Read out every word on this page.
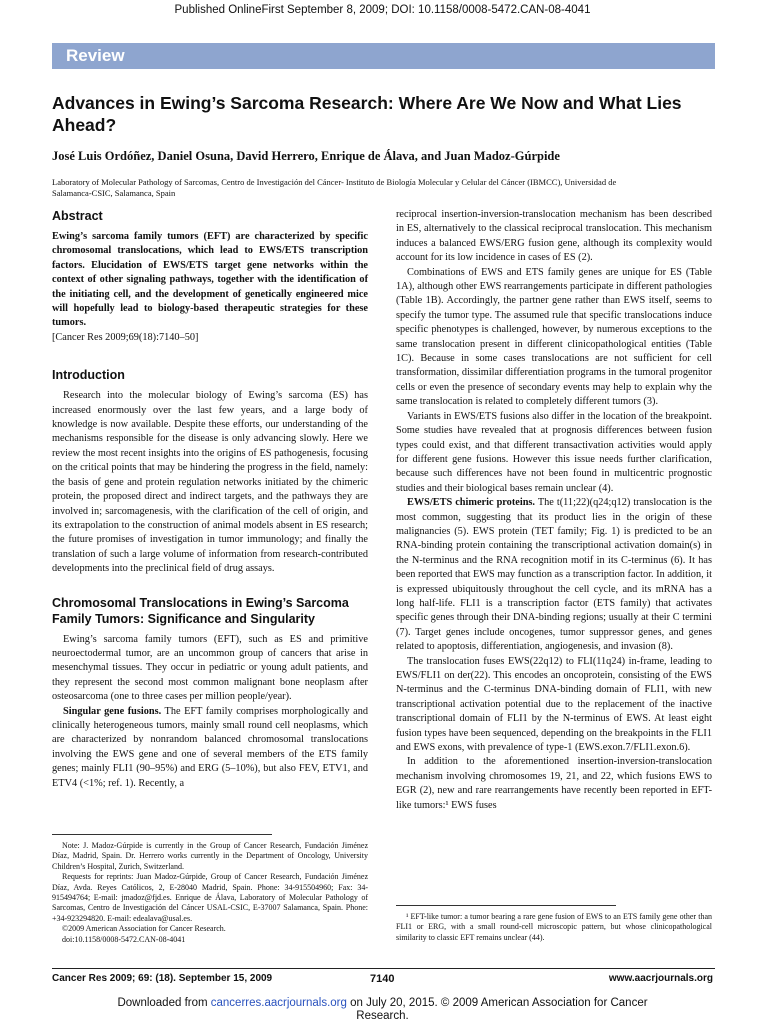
Published OnlineFirst September 8, 2009; DOI: 10.1158/0008-5472.CAN-08-4041
Review
Advances in Ewing’s Sarcoma Research: Where Are We Now and What Lies Ahead?
José Luis Ordóñez, Daniel Osuna, David Herrero, Enrique de Álava, and Juan Madoz-Gúrpide
Laboratory of Molecular Pathology of Sarcomas, Centro de Investigación del Cáncer- Instituto de Biología Molecular y Celular del Cáncer (IBMCC), Universidad de Salamanca-CSIC, Salamanca, Spain
Abstract

Ewing’s sarcoma family tumors (EFT) are characterized by specific chromosomal translocations, which lead to EWS/ETS transcription factors. Elucidation of EWS/ETS target gene networks within the context of other signaling pathways, together with the identification of the initiating cell, and the development of genetically engineered mice will hopefully lead to biology-based therapeutic strategies for these tumors.

[Cancer Res 2009;69(18):7140–50]

Introduction

Research into the molecular biology of Ewing’s sarcoma (ES) has increased enormously over the last few years, and a large body of knowledge is now available. Despite these efforts, our understanding of the mechanisms responsible for the disease is only advancing slowly. Here we review the most recent insights into the origins of ES pathogenesis, focusing on the critical points that may be hindering the progress in the field, namely: the basis of gene and protein regulation networks initiated by the chimeric protein, the proposed direct and indirect targets, and the pathways they are involved in; sarcomagenesis, with the clarification of the cell of origin, and its extrapolation to the construction of animal models absent in ES research; the future promises of investigation in tumor immunology; and finally the translation of such a large volume of information from research-contributed developments into the preclinical field of drug assays.

Chromosomal Translocations in Ewing’s Sarcoma Family Tumors: Significance and Singularity

Ewing’s sarcoma family tumors (EFT), such as ES and primitive neuroectodermal tumor, are an uncommon group of cancers that arise in mesenchymal tissues. They occur in pediatric or young adult patients, and they represent the second most common malignant bone neoplasm after osteosarcoma (one to three cases per million people/year).

Singular gene fusions. The EFT family comprises morphologically and clinically heterogeneous tumors, mainly small round cell neoplasms, which are characterized by nonrandom balanced chromosomal translocations involving the EWS gene and one of several members of the ETS family genes; mainly FLI1 (90–95%) and ERG (5–10%), but also FEV, ETV1, and ETV4 (<1%; ref. 1). Recently, a

Note: J. Madoz-Gúrpide is currently in the Group of Cancer Research, Fundación Jiménez Díaz, Madrid, Spain. Dr. Herrero works currently in the Department of Oncology, University Children’s Hospital, Zurich, Switzerland.

Requests for reprints: Juan Madoz-Gúrpide, Group of Cancer Research, Fundación Jiménez Díaz, Avda. Reyes Católicos, 2, E-28040 Madrid, Spain. Phone: 34-915504960; Fax: 34-915494764; E-mail: jmadoz@fjd.es. Enrique de Álava, Laboratory of Molecular Pathology of Sarcomas, Centro de Investigación del Cáncer USAL-CSIC, E-37007 Salamanca, Spain. Phone: +34-923294820. E-mail: edealava@usal.es.

©2009 American Association for Cancer Research.

doi:10.1158/0008-5472.CAN-08-4041

reciprocal insertion-inversion-translocation mechanism has been described in ES, alternatively to the classical reciprocal translocation. This mechanism induces a balanced EWS/ERG fusion gene, although its complexity would account for its low incidence in cases of ES (2).

Combinations of EWS and ETS family genes are unique for ES (Table 1A), although other EWS rearrangements participate in different pathologies (Table 1B). Accordingly, the partner gene rather than EWS itself, seems to specify the tumor type. The assumed rule that specific translocations induce specific phenotypes is challenged, however, by numerous exceptions to the same translocation present in different clinicopathological entities (Table 1C). Because in some cases translocations are not sufficient for cell transformation, dissimilar differentiation programs in the tumoral progenitor cells or even the presence of secondary events may help to explain why the same translocation is related to completely different tumors (3).

Variants in EWS/ETS fusions also differ in the location of the breakpoint. Some studies have revealed that at prognosis differences between fusion types could exist, and that different transactivation activities would apply for different gene fusions. However this issue needs further clarification, because such differences have not been found in multicentric prognostic studies and their biological bases remain unclear (4).

EWS/ETS chimeric proteins. The t(11;22)(q24;q12) translocation is the most common, suggesting that its product lies in the origin of these malignancies (5). EWS protein (TET family; Fig. 1) is predicted to be an RNA-binding protein containing the transcriptional activation domain(s) in the N-terminus and the RNA recognition motif in its C-terminus (6). It has been reported that EWS may function as a transcription factor. In addition, it is expressed ubiquitously throughout the cell cycle, and its mRNA has a long half-life. FLI1 is a transcription factor (ETS family) that activates specific genes through their DNA-binding regions; usually at their C termini (7). Target genes include oncogenes, tumor suppressor genes, and genes related to apoptosis, differentiation, angiogenesis, and invasion (8).

The translocation fuses EWS(22q12) to FLI(11q24) in-frame, leading to EWS/FLI1 on der(22). This encodes an oncoprotein, consisting of the EWS N-terminus and the C-terminus DNA-binding domain of FLI1, with new transcriptional activation potential due to the replacement of the inactive transcriptional domain of FLI1 by the N-terminus of EWS. At least eight fusion types have been sequenced, depending on the breakpoints in the FLI1 and EWS exons, with prevalence of type-1 (EWS.exon.7/FLI1.exon.6).

In addition to the aforementioned insertion-inversion-translocation mechanism involving chromosomes 19, 21, and 22, which fusions EWS to EGR (2), new and rare rearrangements have recently been reported in EFT-like tumors:¹ EWS fuses

¹ EFT-like tumor: a tumor bearing a rare gene fusion of EWS to an ETS family gene other than FLI1 or ERG, with a small round-cell microscopic pattern, but whose clinicopathological similarity to classic EFT remains unclear (44).

Cancer Res 2009; 69: (18). September 15, 2009	7140	www.aacrjournals.org
Downloaded from cancerres.aacrjournals.org on July 20, 2015. © 2009 American Association for Cancer
Research.
